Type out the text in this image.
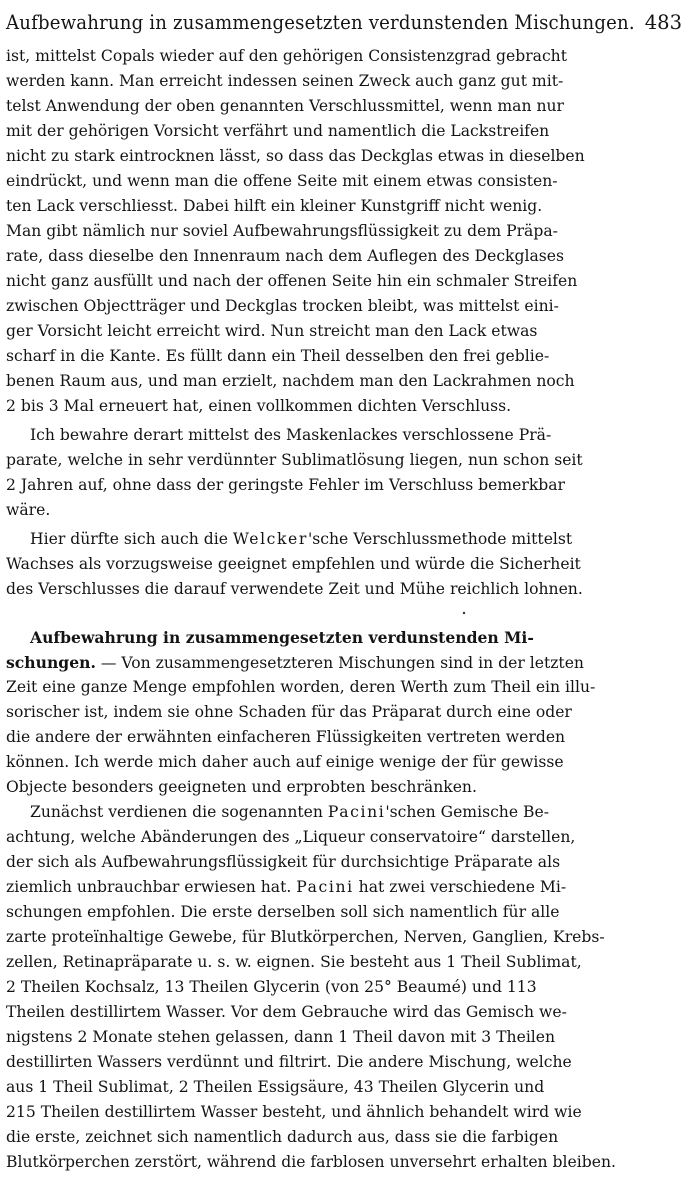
Aufbewahrung in zusammengesetzten verdunstenden Mischungen. 483
ist, mittelst Copals wieder auf den gehörigen Consistenzgrad gebracht
werden kann. Man erreicht indessen seinen Zweck auch ganz gut mit-
telst Anwendung der oben genannten Verschlussmittel, wenn man nur
mit der gehörigen Vorsicht verfährt und namentlich die Lackstreifen
nicht zu stark eintrocknen lässt, so dass das Deckglas etwas in dieselben
eindrückt, und wenn man die offene Seite mit einem etwas consisten-
ten Lack verschliesst. Dabei hilft ein kleiner Kunstgriff nicht wenig.
Man gibt nämlich nur soviel Aufbewahrungsflüssigkeit zu dem Präpa-
rate, dass dieselbe den Innenraum nach dem Auflegen des Deckglases
nicht ganz ausfüllt und nach der offenen Seite hin ein schmaler Streifen
zwischen Objectträger und Deckglas trocken bleibt, was mittelst eini-
ger Vorsicht leicht erreicht wird. Nun streicht man den Lack etwas
scharf in die Kante. Es füllt dann ein Theil desselben den frei geblie-
benen Raum aus, und man erzielt, nachdem man den Lackrahmen noch
2 bis 3 Mal erneuert hat, einen vollkommen dichten Verschluss.
Ich bewahre derart mittelst des Maskenlackes verschlossene Prä-
parate, welche in sehr verdünnter Sublimatlösung liegen, nun schon seit
2 Jahren auf, ohne dass der geringste Fehler im Verschluss bemerkbar
wäre.
Hier dürfte sich auch die Welcker'sche Verschlussmethode mittelst
Wachses als vorzugsweise geeignet empfehlen und würde die Sicherheit
des Verschlusses die darauf verwendete Zeit und Mühe reichlich lohnen.
Aufbewahrung in zusammengesetzten verdunstenden Mi-
schungen. — Von zusammengesetzteren Mischungen sind in der letzten
Zeit eine ganze Menge empfohlen worden, deren Werth zum Theil ein illu-
sorischer ist, indem sie ohne Schaden für das Präparat durch eine oder
die andere der erwähnten einfacheren Flüssigkeiten vertreten werden
können. Ich werde mich daher auch auf einige wenige der für gewisse
Objecte besonders geeigneten und erprobten beschränken.
Zunächst verdienen die sogenannten Pacini'schen Gemische Be-
achtung, welche Abänderungen des „Liqueur conservatoire“ darstellen,
der sich als Aufbewahrungsflüssigkeit für durchsichtige Präparate als
ziemlich unbrauchbar erwiesen hat. Pacini hat zwei verschiedene Mi-
schungen empfohlen. Die erste derselben soll sich namentlich für alle
zarte proteïnhaltige Gewebe, für Blutkörperchen, Nerven, Ganglien, Krebs-
zellen, Retinapräparate u. s. w. eignen. Sie besteht aus 1 Theil Sublimat,
2 Theilen Kochsalz, 13 Theilen Glycerin (von 25° Beaumé) und 113
Theilen destillirtem Wasser. Vor dem Gebrauche wird das Gemisch we-
nigstens 2 Monate stehen gelassen, dann 1 Theil davon mit 3 Theilen
destillirten Wassers verdünnt und filtrirt. Die andere Mischung, welche
aus 1 Theil Sublimat, 2 Theilen Essigsäure, 43 Theilen Glycerin und
215 Theilen destillirtem Wasser besteht, und ähnlich behandelt wird wie
die erste, zeichnet sich namentlich dadurch aus, dass sie die farbigen
Blutkörperchen zerstört, während die farblosen unversehrt erhalten bleiben.
